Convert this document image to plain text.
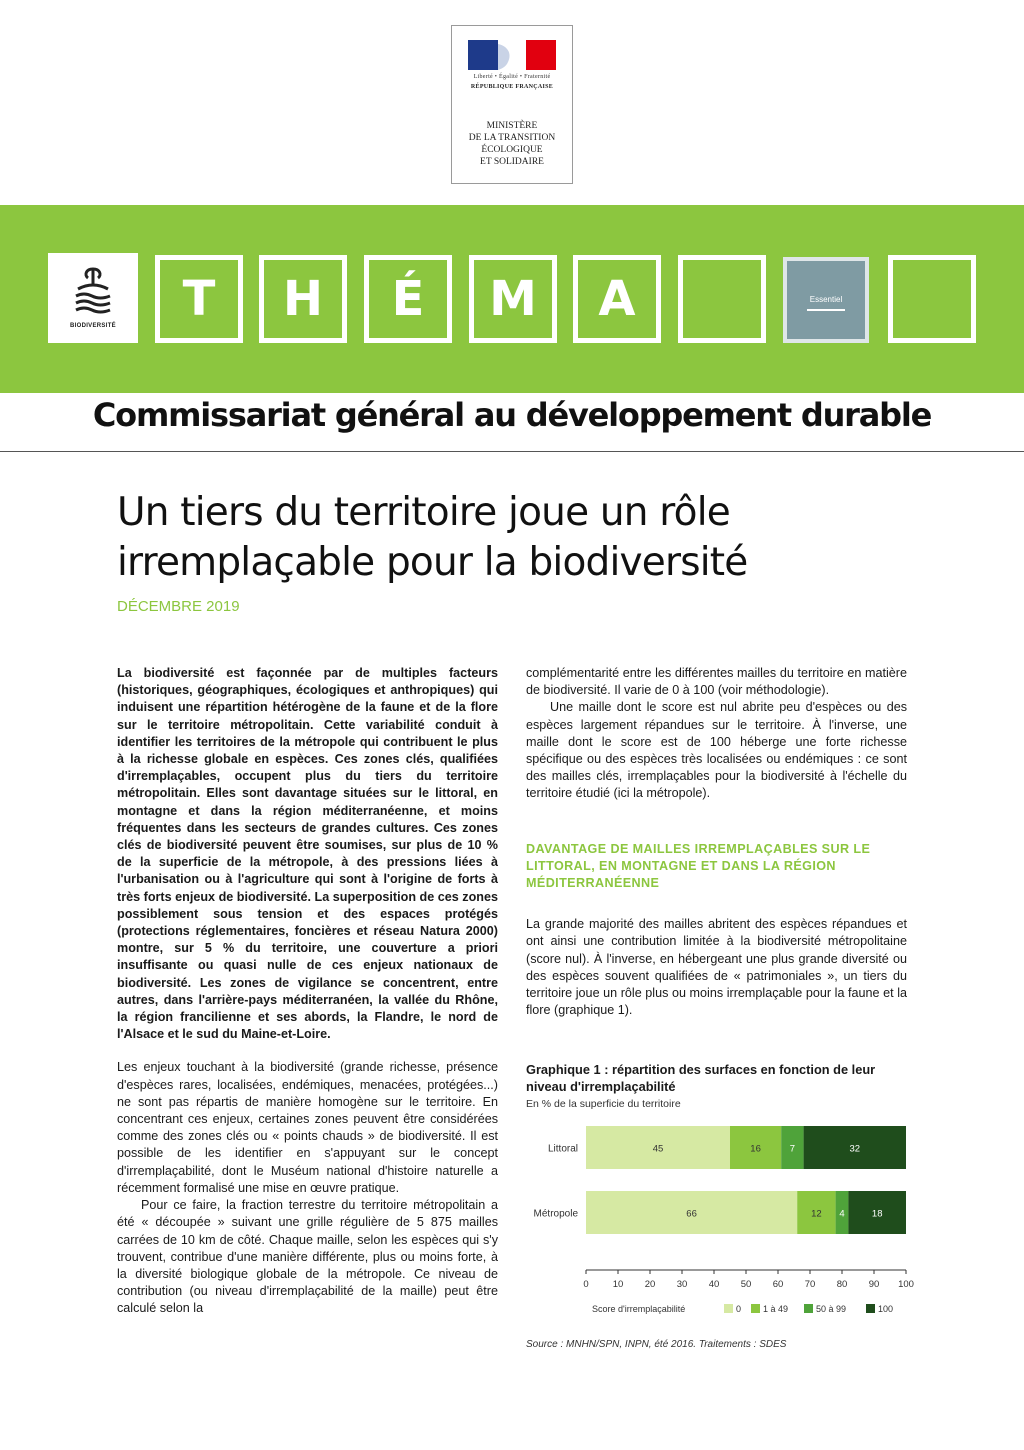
Liberté • Égalité • Fraternité
RÉPUBLIQUE FRANÇAISE
MINISTÈRE
DE LA TRANSITION
ÉCOLOGIQUE
ET SOLIDAIRE
BIODIVERSITÉ	T	H	É	M	A	Essentiel
Commissariat général au développement durable
Un tiers du territoire joue un rôle
irremplaçable pour la biodiversité
DÉCEMBRE 2019

La biodiversité est façonnée par de multiples facteurs (historiques, géographiques, écologiques et anthropiques) qui induisent une répartition hétérogène de la faune et de la flore sur le territoire métropolitain. Cette variabilité conduit à identifier les territoires de la métropole qui contribuent le plus à la richesse globale en espèces. Ces zones clés, qualifiées d'irremplaçables, occupent plus du tiers du territoire métropolitain. Elles sont davantage situées sur le littoral, en montagne et dans la région méditerranéenne, et moins fréquentes dans les secteurs de grandes cultures. Ces zones clés de biodiversité peuvent être soumises, sur plus de 10 % de la superficie de la métropole, à des pressions liées à l'urbanisation ou à l'agriculture qui sont à l'origine de forts à très forts enjeux de biodiversité. La superposition de ces zones possiblement sous tension et des espaces protégés (protections réglementaires, foncières et réseau Natura 2000) montre, sur 5 % du territoire, une couverture a priori insuffisante ou quasi nulle de ces enjeux nationaux de biodiversité. Les zones de vigilance se concentrent, entre autres, dans l'arrière-pays méditerranéen, la vallée du Rhône, la région francilienne et ses abords, la Flandre, le nord de l'Alsace et le sud du Maine-et-Loire.

Les enjeux touchant à la biodiversité (grande richesse, présence d'espèces rares, localisées, endémiques, menacées, protégées...) ne sont pas répartis de manière homogène sur le territoire. En concentrant ces enjeux, certaines zones peuvent être considérées comme des zones clés ou « points chauds » de biodiversité. Il est possible de les identifier en s'appuyant sur le concept d'irremplaçabilité, dont le Muséum national d'histoire naturelle a récemment formalisé une mise en œuvre pratique.

Pour ce faire, la fraction terrestre du territoire métropolitain a été « découpée » suivant une grille régulière de 5 875 mailles carrées de 10 km de côté. Chaque maille, selon les espèces qui s'y trouvent, contribue d'une manière différente, plus ou moins forte, à la diversité biologique globale de la métropole. Ce niveau de contribution (ou niveau d'irremplaçabilité de la maille) peut être calculé selon la

complémentarité entre les différentes mailles du territoire en matière de biodiversité. Il varie de 0 à 100 (voir méthodologie).

Une maille dont le score est nul abrite peu d'espèces ou des espèces largement répandues sur le territoire. À l'inverse, une maille dont le score est de 100 héberge une forte richesse spécifique ou des espèces très localisées ou endémiques : ce sont des mailles clés, irremplaçables pour la biodiversité à l'échelle du territoire étudié (ici la métropole).

DAVANTAGE DE MAILLES IRREMPLAÇABLES SUR LE LITTORAL, EN MONTAGNE ET DANS LA RÉGION MÉDITERRANÉENNE

La grande majorité des mailles abritent des espèces répandues et ont ainsi une contribution limitée à la biodiversité métropolitaine (score nul). À l'inverse, en hébergeant une plus grande diversité ou des espèces souvent qualifiées de « patrimoniales », un tiers du territoire joue un rôle plus ou moins irremplaçable pour la faune et la flore (graphique 1).

Graphique 1 : répartition des surfaces en fonction de leur niveau d'irremplaçabilité
En % de la superficie du territoire
Littoral	45	16	7	32
Métropole	66	12 4	18
0	10 20 30 40 50 60 70 80 90 100
Score d'irremplaçabilité	0 1 à 49	50 à 99	100
Source : MNHN/SPN, INPN, été 2016. Traitements : SDES
